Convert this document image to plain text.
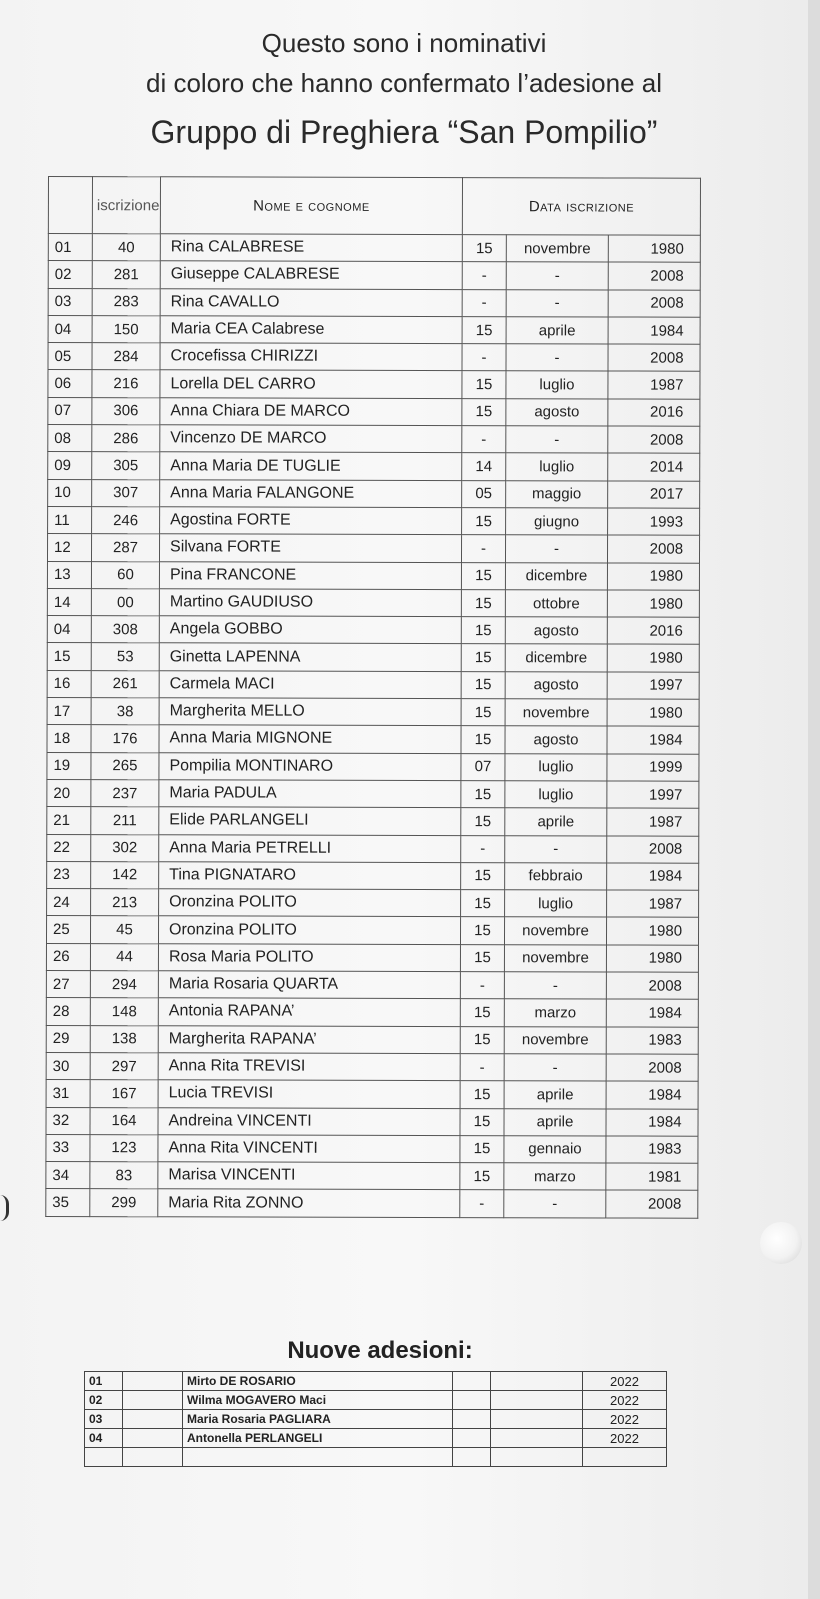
Questo sono i nominativi
di coloro che hanno confermato l’adesione al
Gruppo di Preghiera “San Pompilio”
	iscrizione	Nome e cognome	Data iscrizione		
01	40	Rina CALABRESE	15	novembre	1980
02	281	Giuseppe CALABRESE	-	-	2008
03	283	Rina CAVALLO	-	-	2008
04	150	Maria CEA Calabrese	15	aprile	1984
05	284	Crocefissa CHIRIZZI	-	-	2008
06	216	Lorella DEL CARRO	15	luglio	1987
07	306	Anna Chiara DE MARCO	15	agosto	2016
08	286	Vincenzo DE MARCO	-	-	2008
09	305	Anna Maria DE TUGLIE	14	luglio	2014
10	307	Anna Maria FALANGONE	05	maggio	2017
11	246	Agostina FORTE	15	giugno	1993
12	287	Silvana FORTE	-	-	2008
13	60	Pina FRANCONE	15	dicembre	1980
14	00	Martino GAUDIUSO	15	ottobre	1980
04	308	Angela GOBBO	15	agosto	2016
15	53	Ginetta LAPENNA	15	dicembre	1980
16	261	Carmela MACI	15	agosto	1997
17	38	Margherita MELLO	15	novembre	1980
18	176	Anna Maria MIGNONE	15	agosto	1984
19	265	Pompilia MONTINARO	07	luglio	1999
20	237	Maria PADULA	15	luglio	1997
21	211	Elide PARLANGELI	15	aprile	1987
22	302	Anna Maria PETRELLI	-	-	2008
23	142	Tina PIGNATARO	15	febbraio	1984
24	213	Oronzina POLITO	15	luglio	1987
25	45	Oronzina POLITO	15	novembre	1980
26	44	Rosa Maria POLITO	15	novembre	1980
27	294	Maria Rosaria QUARTA	-	-	2008
28	148	Antonia RAPANA’	15	marzo	1984
29	138	Margherita RAPANA’	15	novembre	1983
30	297	Anna Rita TREVISI	-	-	2008
31	167	Lucia TREVISI	15	aprile	1984
32	164	Andreina VINCENTI	15	aprile	1984
33	123	Anna Rita VINCENTI	15	gennaio	1983
34	83	Marisa VINCENTI	15	marzo	1981
35	299	Maria Rita ZONNO	-	-	2008
Nuove adesioni:
01		Mirto DE ROSARIO			2022
02		Wilma MOGAVERO Maci			2022
03		Maria Rosaria PAGLIARA			2022
04		Antonella PERLANGELI			2022
